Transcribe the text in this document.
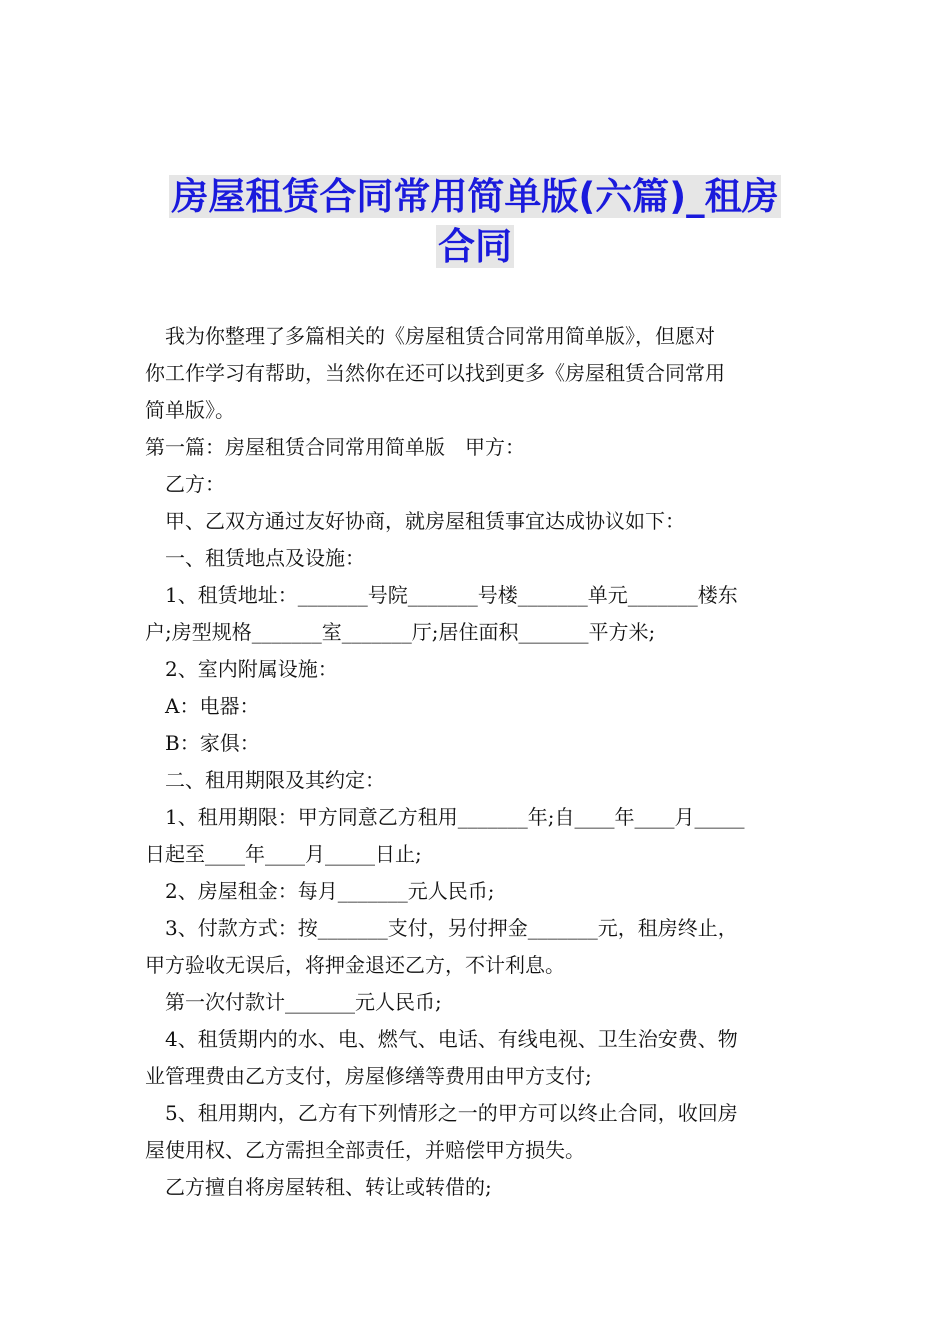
房屋租赁合同常用简单版(六篇)_租房
合同

我为你整理了多篇相关的《房屋租赁合同常用简单版》，但愿对

你工作学习有帮助，当然你在还可以找到更多《房屋租赁合同常用

简单版》。

第一篇：房屋租赁合同常用简单版　甲方：

乙方：

甲、乙双方通过友好协商，就房屋租赁事宜达成协议如下：

一、租赁地点及设施：

1、租赁地址：_______号院_______号楼_______单元_______楼东

户;房型规格_______室_______厅;居住面积_______平方米;

2、室内附属设施：

A：电器：

B：家俱：

二、租用期限及其约定：

1、租用期限：甲方同意乙方租用_______年;自____年____月_____

日起至____年____月_____日止;

2、房屋租金：每月_______元人民币;

3、付款方式：按_______支付，另付押金_______元，租房终止，

甲方验收无误后，将押金退还乙方，不计利息。

第一次付款计_______元人民币;

4、租赁期内的水、电、燃气、电话、有线电视、卫生治安费、物

业管理费由乙方支付，房屋修缮等费用由甲方支付;

5、租用期内，乙方有下列情形之一的甲方可以终止合同，收回房

屋使用权、乙方需担全部责任，并赔偿甲方损失。

乙方擅自将房屋转租、转让或转借的;
